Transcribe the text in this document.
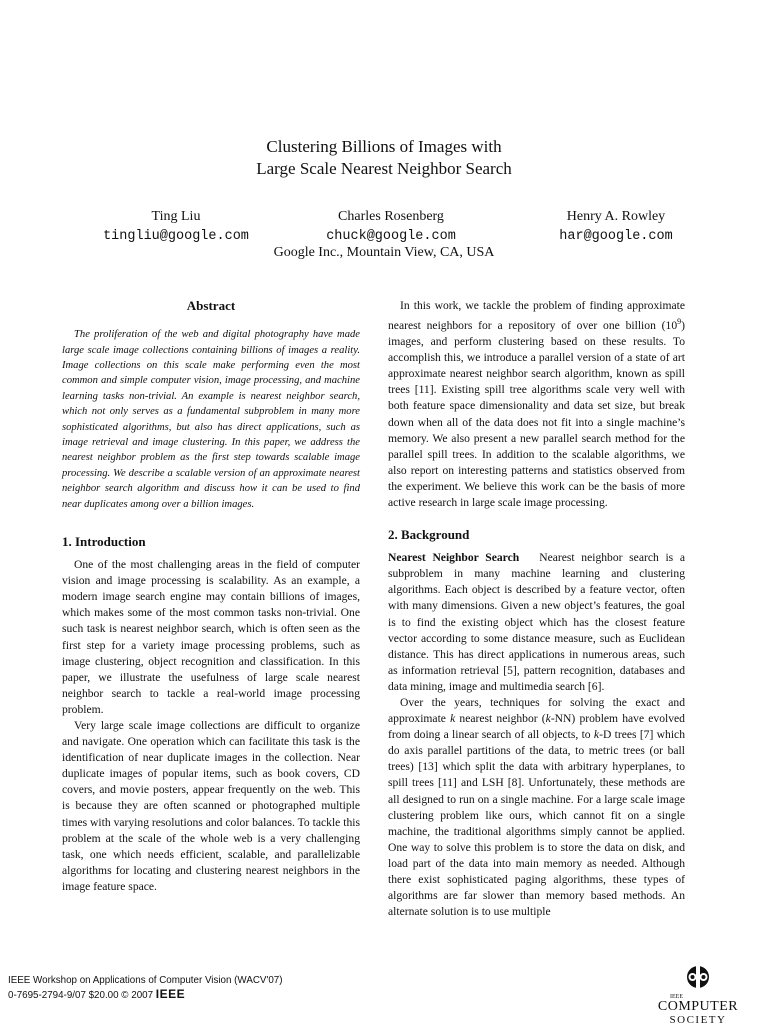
Clustering Billions of Images with
Large Scale Nearest Neighbor Search
Ting Liu
tingliu@google.com
Charles Rosenberg
chuck@google.com
Henry A. Rowley
har@google.com
Google Inc., Mountain View, CA, USA
Abstract

The proliferation of the web and digital photography have made large scale image collections containing billions of images a reality. Image collections on this scale make performing even the most common and simple computer vision, image processing, and machine learning tasks non-trivial. An example is nearest neighbor search, which not only serves as a fundamental subproblem in many more sophisticated algorithms, but also has direct applications, such as image retrieval and image clustering. In this paper, we address the nearest neighbor problem as the first step towards scalable image processing. We describe a scalable version of an approximate nearest neighbor search algorithm and discuss how it can be used to find near duplicates among over a billion images.

1. Introduction

One of the most challenging areas in the field of computer vision and image processing is scalability. As an example, a modern image search engine may contain billions of images, which makes some of the most common tasks non-trivial. One such task is nearest neighbor search, which is often seen as the first step for a variety image processing problems, such as image clustering, object recognition and classification. In this paper, we illustrate the usefulness of large scale nearest neighbor search to tackle a real-world image processing problem.

Very large scale image collections are difficult to organize and navigate. One operation which can facilitate this task is the identification of near duplicate images in the collection. Near duplicate images of popular items, such as book covers, CD covers, and movie posters, appear frequently on the web. This is because they are often scanned or photographed multiple times with varying resolutions and color balances. To tackle this problem at the scale of the whole web is a very challenging task, one which needs efficient, scalable, and parallelizable algorithms for locating and clustering nearest neighbors in the image feature space.

In this work, we tackle the problem of finding approximate nearest neighbors for a repository of over one billion $(10^9)$ images, and perform clustering based on these results. To accomplish this, we introduce a parallel version of a state of art approximate nearest neighbor search algorithm, known as spill trees [11]. Existing spill tree algorithms scale very well with both feature space dimensionality and data set size, but break down when all of the data does not fit into a single machine’s memory. We also present a new parallel search method for the parallel spill trees. In addition to the scalable algorithms, we also report on interesting patterns and statistics observed from the experiment. We believe this work can be the basis of more active research in large scale image processing.

2. Background

Nearest Neighbor Search Nearest neighbor search is a subproblem in many machine learning and clustering algorithms. Each object is described by a feature vector, often with many dimensions. Given a new object’s features, the goal is to find the existing object which has the closest feature vector according to some distance measure, such as Euclidean distance. This has direct applications in numerous areas, such as information retrieval [5], pattern recognition, databases and data mining, image and multimedia search [6].

Over the years, techniques for solving the exact and approximate k nearest neighbor (k-NN) problem have evolved from doing a linear search of all objects, to k-D trees [7] which do axis parallel partitions of the data, to metric trees (or ball trees) [13] which split the data with arbitrary hyperplanes, to spill trees [11] and LSH [8]. Unfortunately, these methods are all designed to run on a single machine. For a large scale image clustering problem like ours, which cannot fit on a single machine, the traditional algorithms simply cannot be applied. One way to solve this problem is to store the data on disk, and load part of the data into main memory as needed. Although there exist sophisticated paging algorithms, these types of algorithms are far slower than memory based methods. An alternate solution is to use multiple

IEEE Workshop on Applications of Computer Vision (WACV'07)
0-7695-2794-9/07 $20.00 © 2007 IEEE	IEEE
COMPUTER
SOCIETY
